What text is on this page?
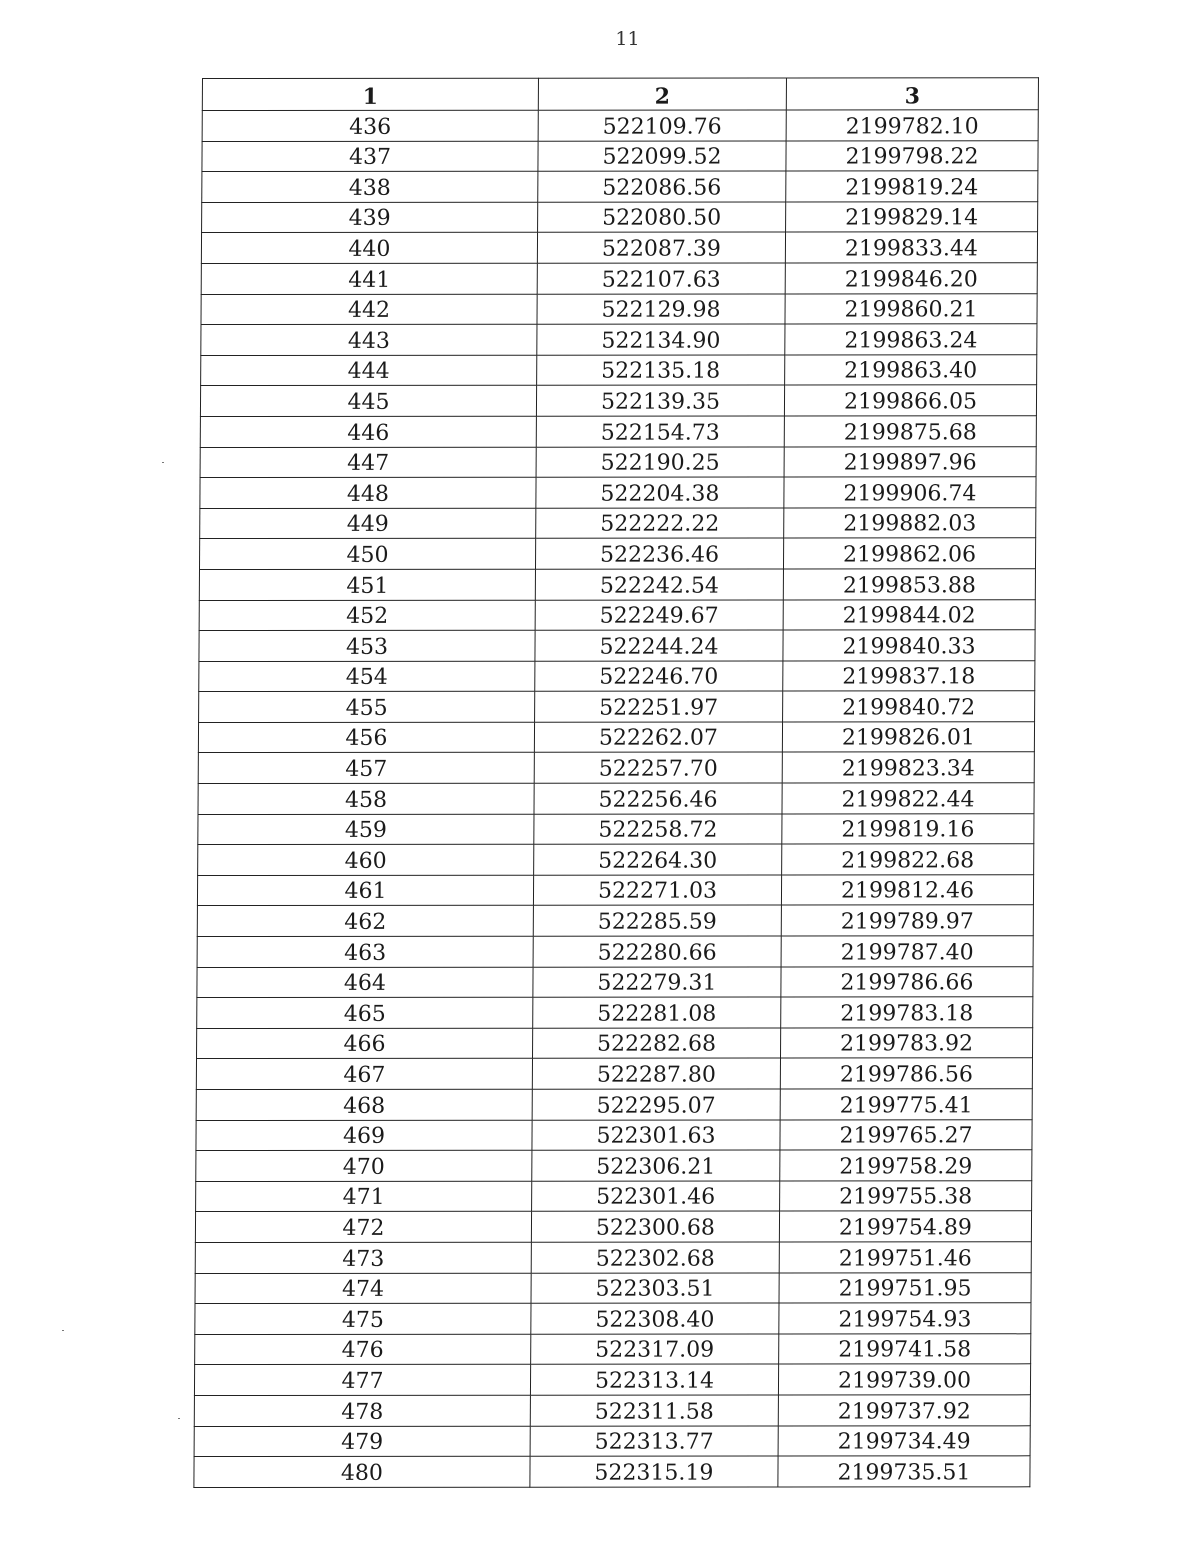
11
1	2	3
436	522109.76	2199782.10
437	522099.52	2199798.22
438	522086.56	2199819.24
439	522080.50	2199829.14
440	522087.39	2199833.44
441	522107.63	2199846.20
442	522129.98	2199860.21
443	522134.90	2199863.24
444	522135.18	2199863.40
445	522139.35	2199866.05
446	522154.73	2199875.68
447	522190.25	2199897.96
448	522204.38	2199906.74
449	522222.22	2199882.03
450	522236.46	2199862.06
451	522242.54	2199853.88
452	522249.67	2199844.02
453	522244.24	2199840.33
454	522246.70	2199837.18
455	522251.97	2199840.72
456	522262.07	2199826.01
457	522257.70	2199823.34
458	522256.46	2199822.44
459	522258.72	2199819.16
460	522264.30	2199822.68
461	522271.03	2199812.46
462	522285.59	2199789.97
463	522280.66	2199787.40
464	522279.31	2199786.66
465	522281.08	2199783.18
466	522282.68	2199783.92
467	522287.80	2199786.56
468	522295.07	2199775.41
469	522301.63	2199765.27
470	522306.21	2199758.29
471	522301.46	2199755.38
472	522300.68	2199754.89
473	522302.68	2199751.46
474	522303.51	2199751.95
475	522308.40	2199754.93
476	522317.09	2199741.58
477	522313.14	2199739.00
478	522311.58	2199737.92
479	522313.77	2199734.49
480	522315.19	2199735.51
